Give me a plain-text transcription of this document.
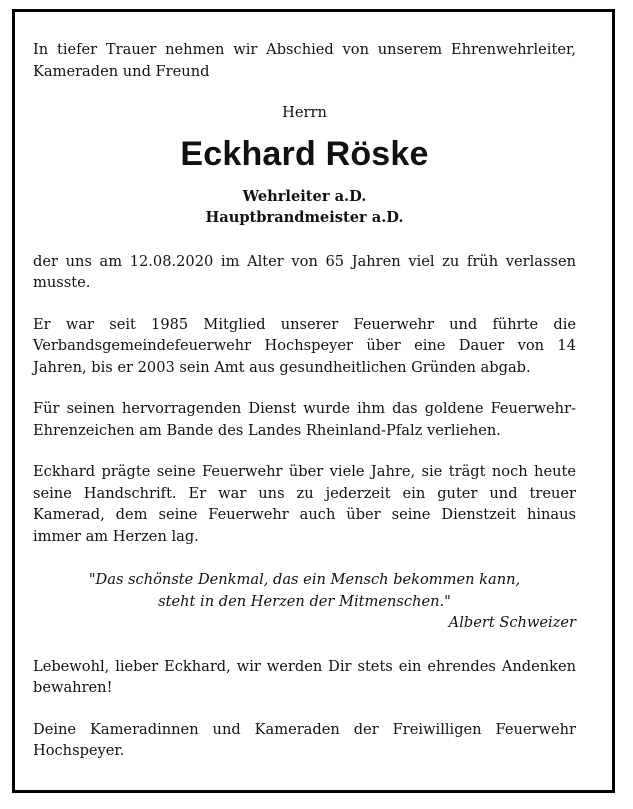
In tiefer Trauer nehmen wir Abschied von unserem Ehrenwehrleiter, Kameraden und Freund

Herrn

Eckhard Röske

Wehrleiter a.D.
Hauptbrandmeister a.D.

der uns am 12.08.2020 im Alter von 65 Jahren viel zu früh verlassen musste.

Er war seit 1985 Mitglied unserer Feuerwehr und führte die Verbandsgemeindefeuerwehr Hochspeyer über eine Dauer von 14 Jahren, bis er 2003 sein Amt aus gesundheitlichen Gründen abgab.

Für seinen hervorragenden Dienst wurde ihm das goldene Feuerwehr-Ehrenzeichen am Bande des Landes Rheinland-Pfalz verliehen.

Eckhard prägte seine Feuerwehr über viele Jahre, sie trägt noch heute seine Handschrift. Er war uns zu jederzeit ein guter und treuer Kamerad, dem seine Feuerwehr auch über seine Dienstzeit hinaus immer am Herzen lag.

"Das schönste Denkmal, das ein Mensch bekommen kann,
steht in den Herzen der Mitmenschen."
Albert Schweizer

Lebewohl, lieber Eckhard, wir werden Dir stets ein ehrendes Andenken bewahren!

Deine Kameradinnen und Kameraden der Freiwilligen Feuerwehr Hochspeyer.
